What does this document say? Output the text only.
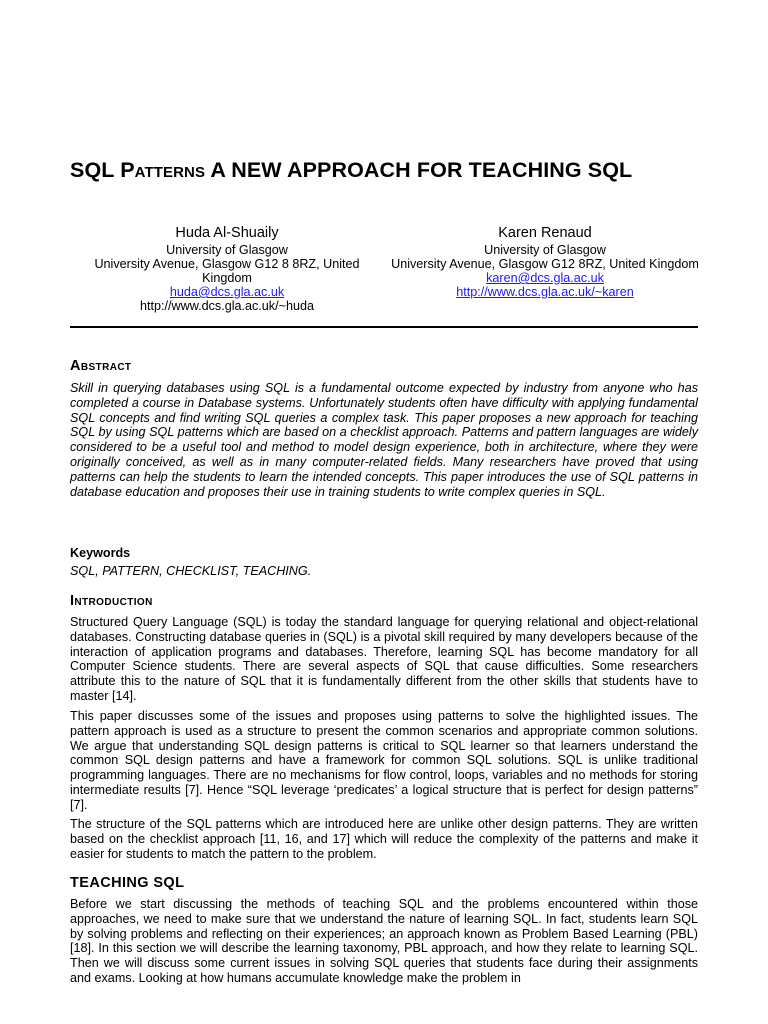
SQL Patterns A NEW APPROACH FOR TEACHING SQL
Huda Al-Shuaily
University of Glasgow
University Avenue, Glasgow G12 8 8RZ, United Kingdom
huda@dcs.gla.ac.uk
http://www.dcs.gla.ac.uk/~huda
Karen Renaud
University of Glasgow
University Avenue, Glasgow G12 8RZ, United Kingdom
karen@dcs.gla.ac.uk
http://www.dcs.gla.ac.uk/~karen
Abstract
Skill in querying databases using SQL is a fundamental outcome expected by industry from anyone who has completed a course in Database systems. Unfortunately students often have difficulty with applying fundamental SQL concepts and find writing SQL queries a complex task. This paper proposes a new approach for teaching SQL by using SQL patterns which are based on a checklist approach. Patterns and pattern languages are widely considered to be a useful tool and method to model design experience, both in architecture, where they were originally conceived, as well as in many computer-related fields. Many researchers have proved that using patterns can help the students to learn the intended concepts. This paper introduces the use of SQL patterns in database education and proposes their use in training students to write complex queries in SQL.
Keywords
SQL, PATTERN, CHECKLIST, TEACHING.
Introduction
Structured Query Language (SQL) is today the standard language for querying relational and object-relational databases. Constructing database queries in (SQL) is a pivotal skill required by many developers because of the interaction of application programs and databases. Therefore, learning SQL has become mandatory for all Computer Science students. There are several aspects of SQL that cause difficulties. Some researchers attribute this to the nature of SQL that it is fundamentally different from the other skills that students have to master [14].
This paper discusses some of the issues and proposes using patterns to solve the highlighted issues. The pattern approach is used as a structure to present the common scenarios and appropriate common solutions. We argue that understanding SQL design patterns is critical to SQL learner so that learners understand the common SQL design patterns and have a framework for common SQL solutions. SQL is unlike traditional programming languages. There are no mechanisms for flow control, loops, variables and no methods for storing intermediate results [7]. Hence “SQL leverage ‘predicates’ a logical structure that is perfect for design patterns” [7].
The structure of the SQL patterns which are introduced here are unlike other design patterns. They are written based on the checklist approach [11, 16, and 17] which will reduce the complexity of the patterns and make it easier for students to match the pattern to the problem.
TEACHING SQL
Before we start discussing the methods of teaching SQL and the problems encountered within those approaches, we need to make sure that we understand the nature of learning SQL. In fact, students learn SQL by solving problems and reflecting on their experiences; an approach known as Problem Based Learning (PBL) [18]. In this section we will describe the learning taxonomy, PBL approach, and how they relate to learning SQL. Then we will discuss some current issues in solving SQL queries that students face during their assignments and exams. Looking at how humans accumulate knowledge make the problem in
